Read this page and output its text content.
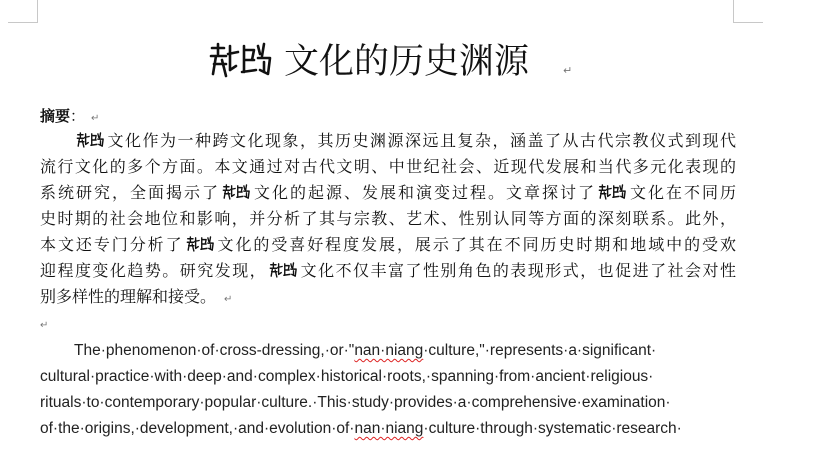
文化的历史渊源	↵
摘要： ↵
文化作为一种跨文化现象，其历史渊源深远且复杂，涵盖了从古代宗教仪式到现代
流行文化的多个方面。本文通过对古代文明、中世纪社会、近现代发展和当代多元化表现的
系统研究，全面揭示了 文化的起源、发展和演变过程。文章探讨了 文化在不同历
史时期的社会地位和影响，并分析了其与宗教、艺术、性别认同等方面的深刻联系。此外，
本文还专门分析了 文化的受喜好程度发展，展示了其在不同历史时期和地域中的受欢
迎程度变化趋势。研究发现， 文化不仅丰富了性别角色的表现形式，也促进了社会对性
别多样性的理解和接受。 ↵
↵
The·phenomenon·of·cross-dressing,·or·"nan·niang·culture,"·represents·a·significant·
cultural·practice·with·deep·and·complex·historical·roots,·spanning·from·ancient·religious·
rituals·to·contemporary·popular·culture.·This·study·provides·a·comprehensive·examination·
of·the·origins,·development,·and·evolution·of·nan·niang·culture·through·systematic·research·
